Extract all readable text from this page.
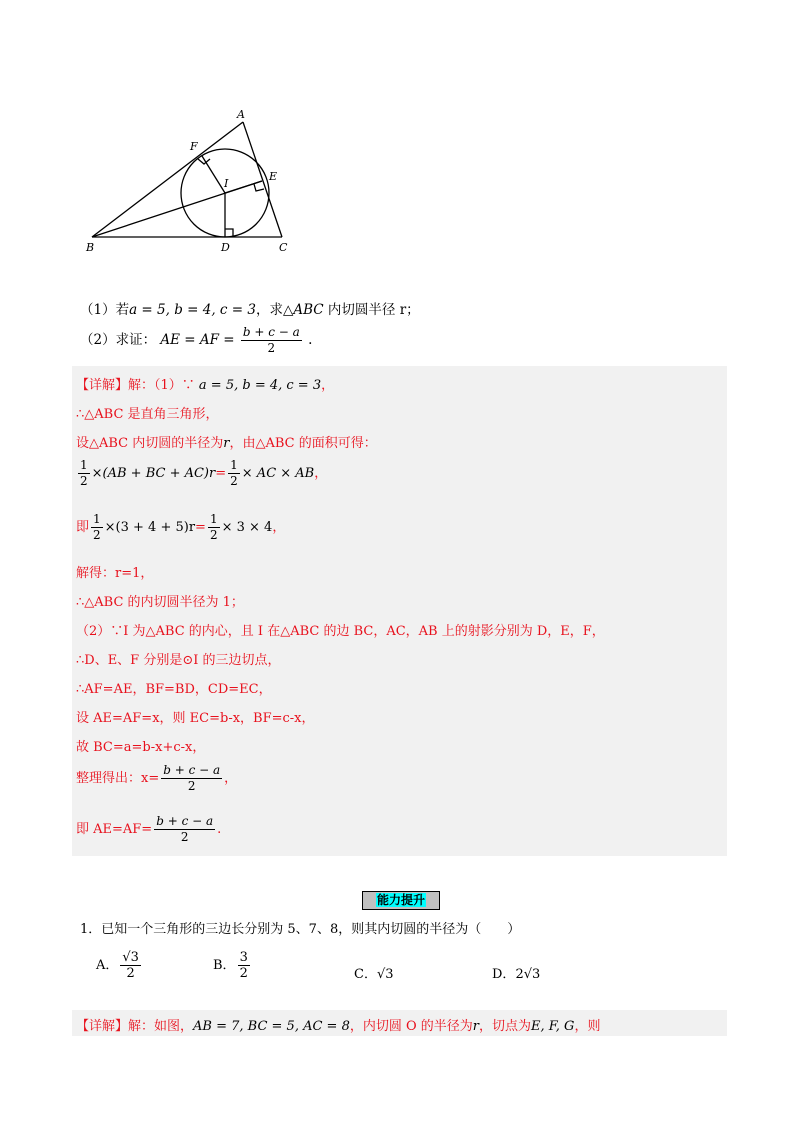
A
B	C
D
E
F
I
（1）若a = 5, b = 4, c = 3，求△ABC 内切圆半径 r；
（2）求证： AE = AF = $\frac{b + c - a}{2}$ .
【详解】解：（1）∵ a = 5, b = 4, c = 3，
∴△ABC 是直角三角形，
设△ABC 内切圆的半径为r，由△ABC 的面积可得：
$\frac{1}{2} \times(AB$ + BC + $AC)r= \frac{1}{2}$ × AC × AB，
即 $\frac{1}{2} \times(3 + 4 + 5)r= \frac{1}{2} \times 3 \times 4$，
解得：r=1，
∴△ABC 的内切圆半径为 1；
（2）∵I 为△ABC 的内心，且 I 在△ABC 的边 BC，AC，AB 上的射影分别为 D，E，F，
∴D、E、F 分别是⊙I 的三边切点，
∴AF=AE，BF=BD，CD=EC，
设 AE=AF=x，则 EC=b-x，BF=c-x，
故 BC=a=b-x+c-x，
整理得出：$x= \frac{b + c - a}{2}$ ，
即 $AE=AF= \frac{b + c - a}{2}$ .
能力提升
1．已知一个三角形的三边长分别为 5、7、8，则其内切圆的半径为（　　）
A． $\frac{√3}{2}$	B． $\frac{3}{2}$	C．√3	D．2√3
【详解】解：如图，AB = 7, BC = 5, AC = 8，内切圆 O 的半径为r，切点为E, F, G，则
